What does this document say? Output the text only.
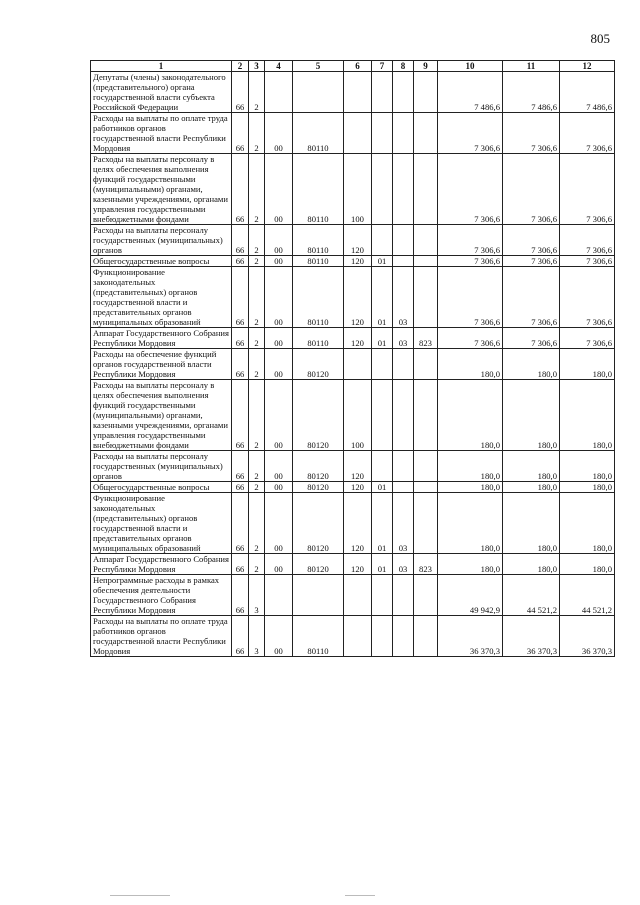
805
1	2	3	4	5	6	7	8	9	10	11	12
Депутаты (члены) законодательного (представительного) органа государственной власти субъекта Российской Федерации	66	2							7 486,6	7 486,6	7 486,6
Расходы на выплаты по оплате труда работников органов государственной власти Республики Мордовия	66	2	00	80110					7 306,6	7 306,6	7 306,6
Расходы на выплаты персоналу в целях обеспечения выполнения функций государственными (муниципальными) органами, казенными учреждениями, органами управления государственными внебюджетными фондами	66	2	00	80110	100				7 306,6	7 306,6	7 306,6
Расходы на выплаты персоналу государственных (муниципальных) органов	66	2	00	80110	120				7 306,6	7 306,6	7 306,6
Общегосударственные вопросы	66	2	00	80110	120	01			7 306,6	7 306,6	7 306,6
Функционирование законодательных (представительных) органов государственной власти и представительных органов муниципальных образований	66	2	00	80110	120	01	03		7 306,6	7 306,6	7 306,6
Аппарат Государственного Собрания Республики Мордовия	66	2	00	80110	120	01	03	823	7 306,6	7 306,6	7 306,6
Расходы на обеспечение функций органов государственной власти Республики Мордовия	66	2	00	80120					180,0	180,0	180,0
Расходы на выплаты персоналу в целях обеспечения выполнения функций государственными (муниципальными) органами, казенными учреждениями, органами управления государственными внебюджетными фондами	66	2	00	80120	100				180,0	180,0	180,0
Расходы на выплаты персоналу государственных (муниципальных) органов	66	2	00	80120	120				180,0	180,0	180,0
Общегосударственные вопросы	66	2	00	80120	120	01			180,0	180,0	180,0
Функционирование законодательных (представительных) органов государственной власти и представительных органов муниципальных образований	66	2	00	80120	120	01	03		180,0	180,0	180,0
Аппарат Государственного Собрания Республики Мордовия	66	2	00	80120	120	01	03	823	180,0	180,0	180,0
Непрограммные расходы в рамках обеспечения деятельности Государственного Собрания Республики Мордовия	66	3							49 942,9	44 521,2	44 521,2
Расходы на выплаты по оплате труда работников органов государственной власти Республики Мордовия	66	3	00	80110					36 370,3	36 370,3	36 370,3
